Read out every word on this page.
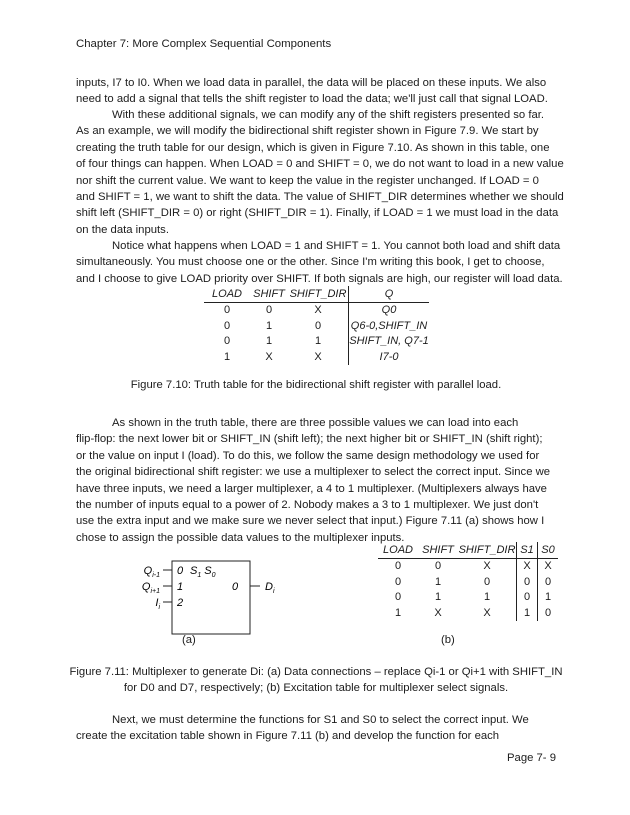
Chapter 7: More Complex Sequential Components
inputs, I7 to I0. When we load data in parallel, the data will be placed on these inputs. We also
need to add a signal that tells the shift register to load the data; we'll just call that signal LOAD.
With these additional signals, we can modify any of the shift registers presented so far.
As an example, we will modify the bidirectional shift register shown in Figure 7.9. We start by
creating the truth table for our design, which is given in Figure 7.10. As shown in this table, one
of four things can happen. When LOAD = 0 and SHIFT = 0, we do not want to load in a new value
nor shift the current value. We want to keep the value in the register unchanged. If LOAD = 0
and SHIFT = 1, we want to shift the data. The value of SHIFT_DIR determines whether we should
shift left (SHIFT_DIR = 0) or right (SHIFT_DIR = 1). Finally, if LOAD = 1 we must load in the data
on the data inputs.
Notice what happens when LOAD = 1 and SHIFT = 1. You cannot both load and shift data
simultaneously. You must choose one or the other. Since I'm writing this book, I get to choose,
and I choose to give LOAD priority over SHIFT. If both signals are high, our register will load data.
LOAD	SHIFT	SHIFT_DIR	Q
0	0	X	Q0
0	1	0	Q6-0,SHIFT_IN
0	1	1	SHIFT_IN, Q7-1
1	X	X	I7-0
Figure 7.10: Truth table for the bidirectional shift register with parallel load.
As shown in the truth table, there are three possible values we can load into each
flip-flop: the next lower bit or SHIFT_IN (shift left); the next higher bit or SHIFT_IN (shift right);
or the value on input I (load). To do this, we follow the same design methodology we used for
the original bidirectional shift register: we use a multiplexer to select the correct input. Since we
have three inputs, we need a larger multiplexer, a 4 to 1 multiplexer. (Multiplexers always have
the number of inputs equal to a power of 2. Nobody makes a 3 to 1 multiplexer. We just don't
use the extra input and we make sure we never select that input.) Figure 7.11 (a) shows how I
chose to assign the possible data values to the multiplexer inputs.
$Q_{i-1}$
$Q_{i+1}$
$I_i$
0
1
2
$S_1$ $S_0$
0 $D_i$
LOAD	SHIFT	SHIFT_DIR	S1	S0
0	0	X	X	X
0	1	0	0	0
0	1	1	0	1
1	X	X	1	0
(a)	(b)
Figure 7.11: Multiplexer to generate Di: (a) Data connections – replace Qi-1 or Qi+1 with SHIFT_IN
for D0 and D7, respectively; (b) Excitation table for multiplexer select signals.
Next, we must determine the functions for S1 and S0 to select the correct input. We
create the excitation table shown in Figure 7.11 (b) and develop the function for each
Page 7- 9
